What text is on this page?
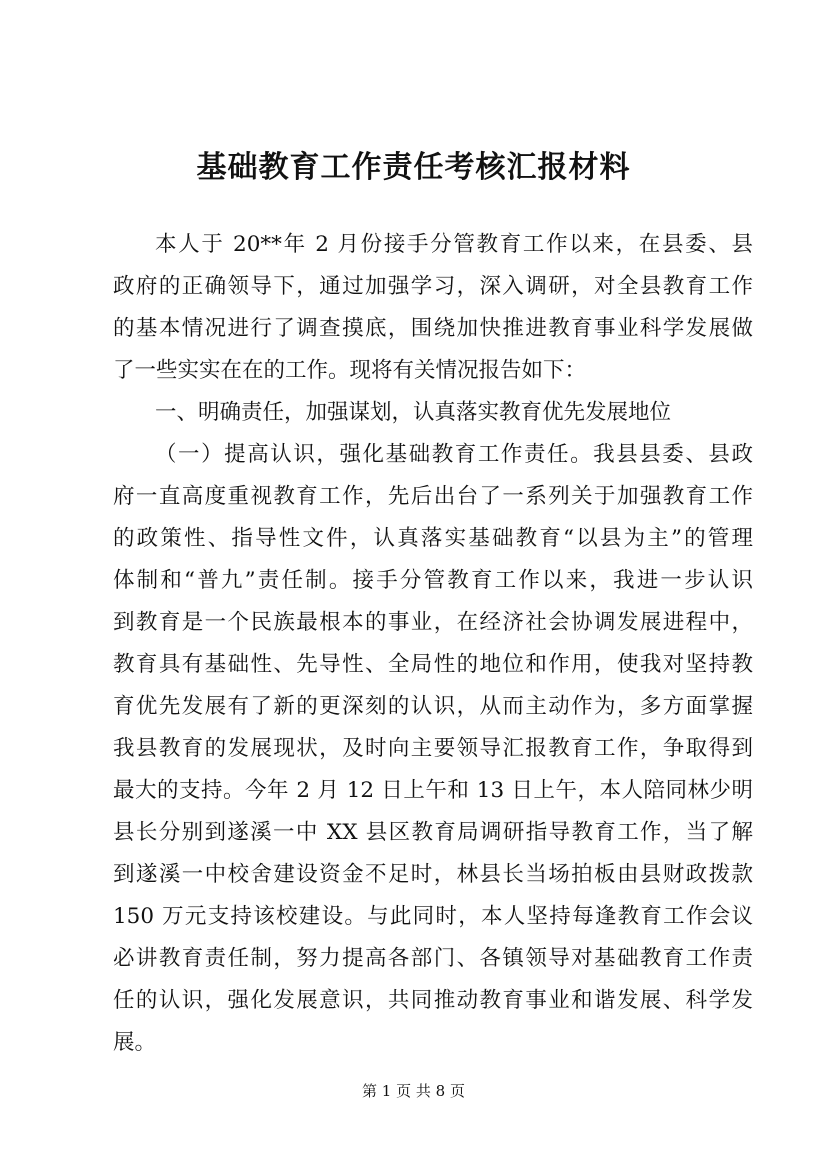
基础教育工作责任考核汇报材料
本人于 20**年 2 月份接手分管教育工作以来，在县委、县
政府的正确领导下，通过加强学习，深入调研，对全县教育工作
的基本情况进行了调查摸底，围绕加快推进教育事业科学发展做
了一些实实在在的工作。现将有关情况报告如下：
一、明确责任，加强谋划，认真落实教育优先发展地位
（一）提高认识，强化基础教育工作责任。我县县委、县政
府一直高度重视教育工作，先后出台了一系列关于加强教育工作
的政策性、指导性文件，认真落实基础教育“以县为主”的管理
体制和“普九”责任制。接手分管教育工作以来，我进一步认识
到教育是一个民族最根本的事业，在经济社会协调发展进程中，
教育具有基础性、先导性、全局性的地位和作用，使我对坚持教
育优先发展有了新的更深刻的认识，从而主动作为，多方面掌握
我县教育的发展现状，及时向主要领导汇报教育工作，争取得到
最大的支持。今年 2 月 12 日上午和 13 日上午，本人陪同林少明
县长分别到遂溪一中 XX 县区教育局调研指导教育工作，当了解
到遂溪一中校舍建设资金不足时，林县长当场拍板由县财政拨款
150 万元支持该校建设。与此同时，本人坚持每逢教育工作会议
必讲教育责任制，努力提高各部门、各镇领导对基础教育工作责
任的认识，强化发展意识，共同推动教育事业和谐发展、科学发
展。
第 1 页 共 8 页
